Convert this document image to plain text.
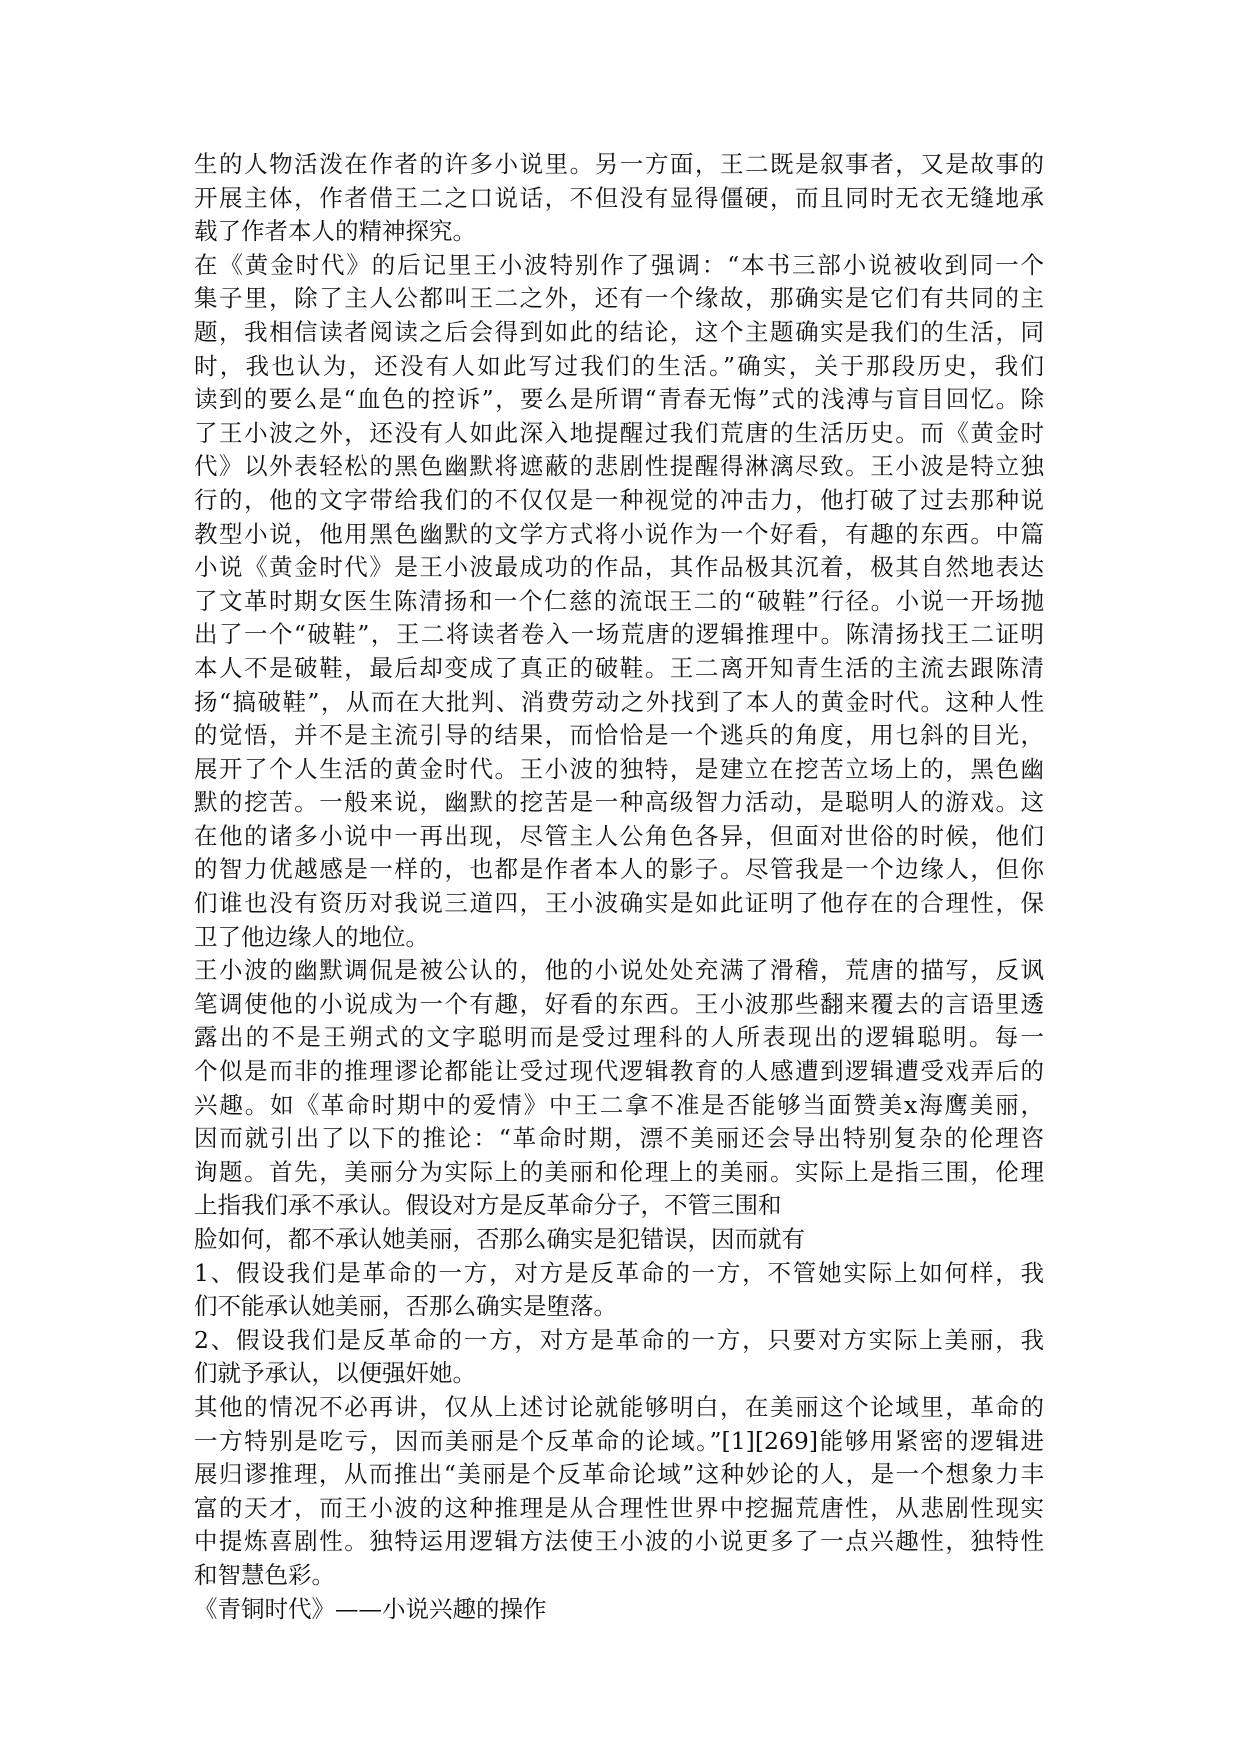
生的人物活泼在作者的许多小说里。另一方面，王二既是叙事者，又是故事的
开展主体，作者借王二之口说话，不但没有显得僵硬，而且同时无衣无缝地承
载了作者本人的精神探究。
在《黄金时代》的后记里王小波特别作了强调：“本书三部小说被收到同一个
集子里，除了主人公都叫王二之外，还有一个缘故，那确实是它们有共同的主
题，我相信读者阅读之后会得到如此的结论，这个主题确实是我们的生活，同
时，我也认为，还没有人如此写过我们的生活。”确实，关于那段历史，我们
读到的要么是“血色的控诉”，要么是所谓“青春无悔”式的浅溥与盲目回忆。除
了王小波之外，还没有人如此深入地提醒过我们荒唐的生活历史。而《黄金时
代》以外表轻松的黑色幽默将遮蔽的悲剧性提醒得淋漓尽致。王小波是特立独
行的，他的文字带给我们的不仅仅是一种视觉的冲击力，他打破了过去那种说
教型小说，他用黑色幽默的文学方式将小说作为一个好看，有趣的东西。中篇
小说《黄金时代》是王小波最成功的作品，其作品极其沉着，极其自然地表达
了文革时期女医生陈清扬和一个仁慈的流氓王二的“破鞋”行径。小说一开场抛
出了一个“破鞋”，王二将读者卷入一场荒唐的逻辑推理中。陈清扬找王二证明
本人不是破鞋，最后却变成了真正的破鞋。王二离开知青生活的主流去跟陈清
扬“搞破鞋”，从而在大批判、消费劳动之外找到了本人的黄金时代。这种人性
的觉悟，并不是主流引导的结果，而恰恰是一个逃兵的角度，用乜斜的目光，
展开了个人生活的黄金时代。王小波的独特，是建立在挖苦立场上的，黑色幽
默的挖苦。一般来说，幽默的挖苦是一种高级智力活动，是聪明人的游戏。这
在他的诸多小说中一再出现，尽管主人公角色各异，但面对世俗的时候，他们
的智力优越感是一样的，也都是作者本人的影子。尽管我是一个边缘人，但你
们谁也没有资历对我说三道四，王小波确实是如此证明了他存在的合理性，保
卫了他边缘人的地位。
王小波的幽默调侃是被公认的，他的小说处处充满了滑稽，荒唐的描写，反讽
笔调使他的小说成为一个有趣，好看的东西。王小波那些翻来覆去的言语里透
露出的不是王朔式的文字聪明而是受过理科的人所表现出的逻辑聪明。每一
个似是而非的推理谬论都能让受过现代逻辑教育的人感遭到逻辑遭受戏弄后的
兴趣。如《革命时期中的爱情》中王二拿不准是否能够当面赞美x海鹰美丽，
因而就引出了以下的推论：“革命时期，漂不美丽还会导出特别复杂的伦理咨
询题。首先，美丽分为实际上的美丽和伦理上的美丽。实际上是指三围，伦理
上指我们承不承认。假设对方是反革命分子，不管三围和
脸如何，都不承认她美丽，否那么确实是犯错误，因而就有
1、假设我们是革命的一方，对方是反革命的一方，不管她实际上如何样，我
们不能承认她美丽，否那么确实是堕落。
2、假设我们是反革命的一方，对方是革命的一方，只要对方实际上美丽，我
们就予承认，以便强奸她。
其他的情况不必再讲，仅从上述讨论就能够明白，在美丽这个论域里，革命的
一方特别是吃亏，因而美丽是个反革命的论域。”[1][269]能够用紧密的逻辑进
展归谬推理，从而推出“美丽是个反革命论域”这种妙论的人，是一个想象力丰
富的天才，而王小波的这种推理是从合理性世界中挖掘荒唐性，从悲剧性现实
中提炼喜剧性。独特运用逻辑方法使王小波的小说更多了一点兴趣性，独特性
和智慧色彩。
《青铜时代》——小说兴趣的操作
